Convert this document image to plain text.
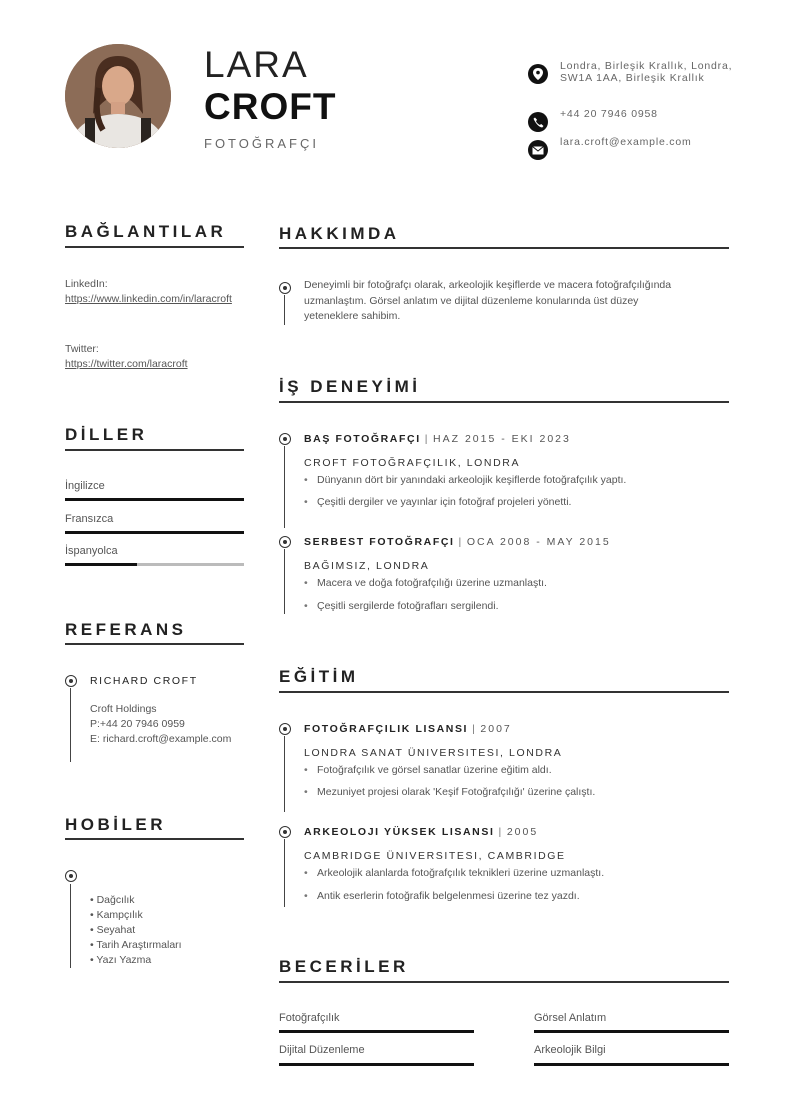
LARA
CROFT
FOTOĞRAFÇI
Londra, Birleşik Krallık, Londra, SW1A 1AA, Birleşik Krallık
+44 20 7946 0958
lara.croft@example.com
BAĞLANTILAR
LinkedIn:
https://www.linkedin.com/in/laracroft
Twitter:
https://twitter.com/laracroft
DİLLER
İngilizce
Fransızca
İspanyolca
REFERANS
RICHARD CROFT
Croft Holdings
P:+44 20 7946 0959
E: richard.croft@example.com
HOBİLER
• Dağcılık
• Kampçılık
• Seyahat
• Tarih Araştırmaları
• Yazı Yazma
HAKKIMDA
Deneyimli bir fotoğrafçı olarak, arkeolojik keşiflerde ve macera fotoğrafçılığında uzmanlaştım. Görsel anlatım ve dijital düzenleme konularında üst düzey yeteneklere sahibim.
İŞ DENEYİMİ
BAŞ FOTOĞRAFÇI | HAZ 2015 - EKI 2023
CROFT FOTOĞRAFÇILIK, LONDRA
• Dünyanın dört bir yanındaki arkeolojik keşiflerde fotoğrafçılık yaptı.
• Çeşitli dergiler ve yayınlar için fotoğraf projeleri yönetti.
SERBEST FOTOĞRAFÇI | OCA 2008 - MAY 2015
BAĞIMSIZ, LONDRA
• Macera ve doğa fotoğrafçılığı üzerine uzmanlaştı.
• Çeşitli sergilerde fotoğrafları sergilendi.
EĞİTİM
FOTOĞRAFÇILIK LISANSI | 2007
LONDRA SANAT ÜNIVERSITESI, LONDRA
• Fotoğrafçılık ve görsel sanatlar üzerine eğitim aldı.
• Mezuniyet projesi olarak 'Keşif Fotoğrafçılığı' üzerine çalıştı.
ARKEOLOJI YÜKSEK LISANSI | 2005
CAMBRIDGE ÜNIVERSITESI, CAMBRIDGE
• Arkeolojik alanlarda fotoğrafçılık teknikleri üzerine uzmanlaştı.
• Antik eserlerin fotoğrafik belgelenmesi üzerine tez yazdı.
BECERİLER
Fotoğrafçılık	Görsel Anlatım
Dijital Düzenleme	Arkeolojik Bilgi
